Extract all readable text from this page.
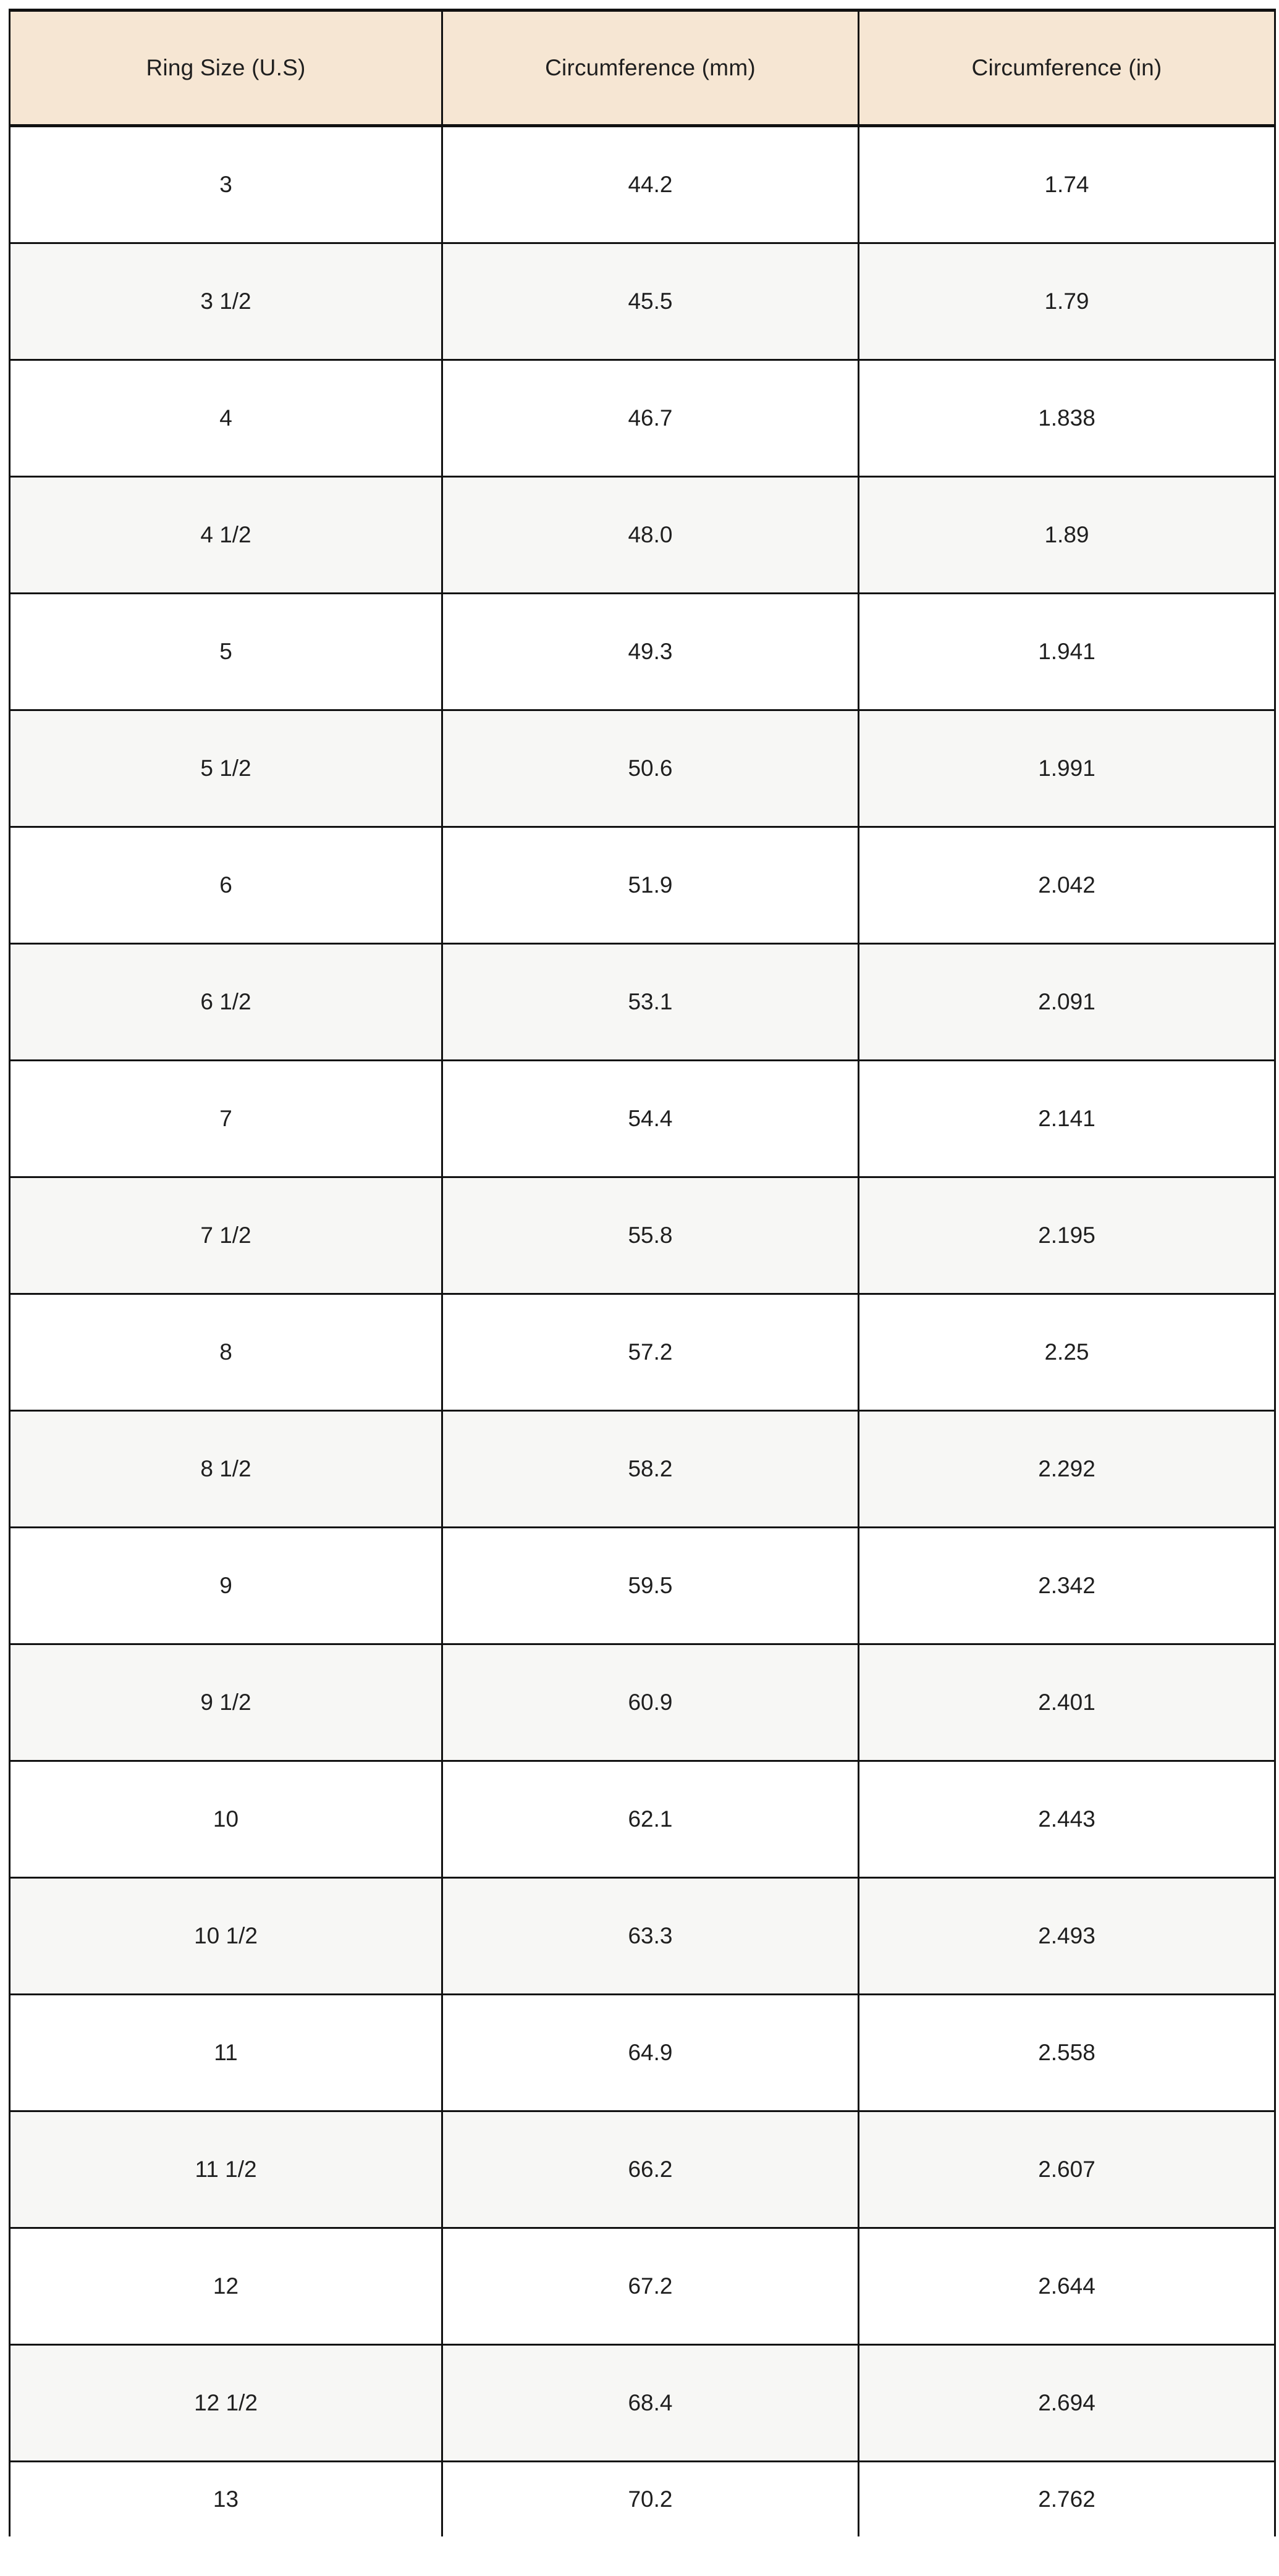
Ring Size (U.S)	Circumference (mm)	Circumference (in)
3	44.2	1.74
3 1/2	45.5	1.79
4	46.7	1.838
4 1/2	48.0	1.89
5	49.3	1.941
5 1/2	50.6	1.991
6	51.9	2.042
6 1/2	53.1	2.091
7	54.4	2.141
7 1/2	55.8	2.195
8	57.2	2.25
8 1/2	58.2	2.292
9	59.5	2.342
9 1/2	60.9	2.401
10	62.1	2.443
10 1/2	63.3	2.493
11	64.9	2.558
11 1/2	66.2	2.607
12	67.2	2.644
12 1/2	68.4	2.694
13	70.2	2.762
